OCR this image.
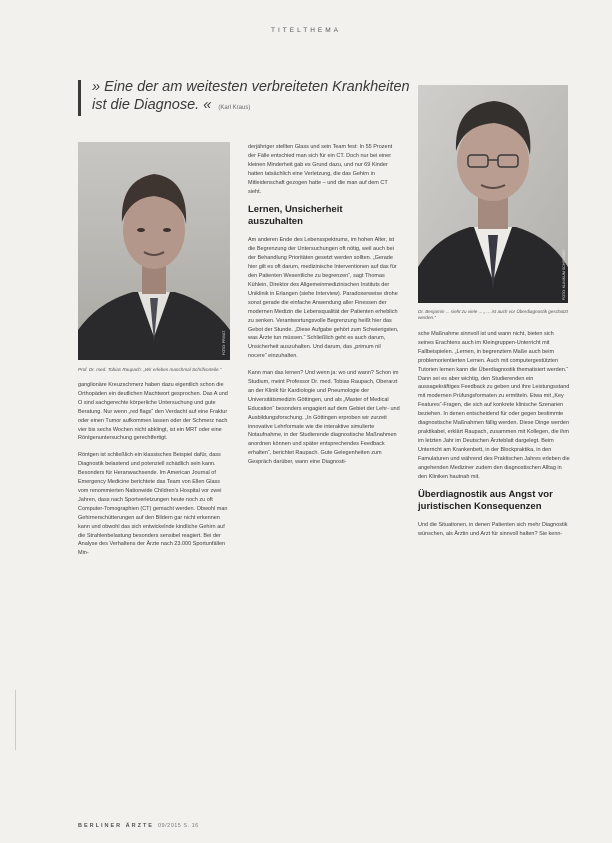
TITELTHEMA
» Eine der am weitesten verbreiteten Krankheiten ist die Diagnose. « (Karl Kraus)
FOTO: PRIVAT
Prof. Dr. med. Tobias Raupach: „Wir erleben manchmal Schrifvorteile.“
FOTO: KLINIKUM SCHREIBER
Dr. Benjamin ... sieht zu viele ... „ ... ist auch vor Überdiagnostik geschützt werden.“

ganglionäre Kreuzschmerz haben dazu eigentlich schon die Orthopäden ein deutlichen Machtwort gesprochen. Das A und O sind sachgerechte körperliche Untersuchung und gute Beratung. Nur wenn „red flags“ den Verdacht auf eine Fraktur oder einen Tumor aufkommen lassen oder der Schmerz nach vier bis sechs Wochen nicht abklingt, ist ein MRT oder eine Röntgenuntersuchung gerechtfertigt.

Röntgen ist schließlich ein klassisches Beispiel dafür, dass Diagnostik belastend und potenziell schädlich sein kann. Besonders für Heranwachsende. Im American Journal of Emergency Medicine berichtete das Team von Ellen Glass vom renommierten Nationwide Children's Hospital vor zwei Jahren, dass nach Sportverletzungen heute noch zu oft Computer-Tomographien (CT) gemacht werden. Obwohl man Gehirnerschütterungen auf den Bildern gar nicht erkennen kann und obwohl das sich entwickelnde kindliche Gehirn auf die Strahlenbelastung besonders sensibel reagiert. Bei der Analyse des Verhaltens der Ärzte nach 23.000 Sportunfällen Min-

derjähriger stellten Glass und sein Team fest: In 55 Prozent der Fälle entschied man sich für ein CT. Doch nur bei einer kleinen Minderheit gab es Grund dazu, und nur 69 Kinder hatten tatsächlich eine Verletzung, die das Gehirn in Mitleidenschaft gezogen hatte – und die man auf dem CT sieht.

Lernen, Unsicherheit auszuhalten

Am anderen Ende des Lebensspektrums, im hohen Alter, ist die Begrenzung der Untersuchungen oft nötig, weil auch bei der Behandlung Prioritäten gesetzt werden sollten. „Gerade hier gilt es oft darum, medizinische Interventionen auf das für den Patienten Wesentliche zu begrenzen“, sagt Thomas Kühlein, Direktor des Allgemeinmedizinischen Instituts der Uniklinik in Erlangen (siehe Interview). Paradoxerweise drohe sonst gerade die einfache Anwendung aller Finessen der modernen Medizin die Lebensqualität der Patienten erheblich zu senken. Verantwortungsvolle Begrenzung heißt hier das Gebot der Stunde. „Diese Aufgabe gehört zum Schwierigsten, was Ärzte tun müssen.“ Schließlich geht es auch darum, Unsicherheit auszuhalten. Und darum, das „primum nil nocere“ einzuhalten.

Kann man das lernen? Und wenn ja: wo und wann? Schon im Studium, meint Professor Dr. med. Tobias Raupach, Oberarzt an der Klinik für Kardiologie und Pneumologie der Universitätsmedizin Göttingen, und als „Master of Medical Education“ besonders engagiert auf dem Gebiet der Lehr- und Ausbildungsforschung. „In Göttingen erproben wir zurzeit innovative Lehrformate wie die interaktive simulierte Notaufnahme, in der Studierende diagnostische Maßnahmen anordnen können und später entsprechendes Feedback erhalten“, berichtet Raupach. Gute Gelegenheiten zum Gespräch darüber, wann eine Diagnosti-

sche Maßnahme sinnvoll ist und wann nicht, bieten sich seines Erachtens auch im Kleingruppen-Unterricht mit Fallbeispielen. „Lernen, in begrenztem Maße auch beim problemorientierten Lernen. Auch mit computergestützten Tutorien lernen kann die Überdiagnostik thematisiert werden.“ Dann sei es aber wichtig, den Studierenden ein aussagekräftiges Feedback zu geben und ihre Leistungsstand mit modernen Prüfungsformaten zu ermitteln. Etwa mit „Key Features“-Fragen, die sich auf konkrete klinische Szenarien beziehen. In denen entscheidend für oder gegen bestimmte diagnostische Maßnahmen fällig werden. Diese Dinge werden praktikabel, erklärt Raupach, zusammen mit Kollegen, die ihm im letzten Jahr im Deutschen Ärzteblatt dargelegt. Beim Unterricht am Krankenbett, in der Blockpraktika, in den Famulaturen und während des Praktischen Jahres erleben die angehenden Mediziner zudem den diagnostischen Alltag in den Kliniken hautnah mit.

Überdiagnostik aus Angst vor juristischen Konsequenzen

Und die Situationen, in denen Patienten sich mehr Diagnostik wünschen, als Ärztin und Arzt für sinnvoll halten? Sie kenn-

BERLINER ÄRZTE 09/2015 S. 16
